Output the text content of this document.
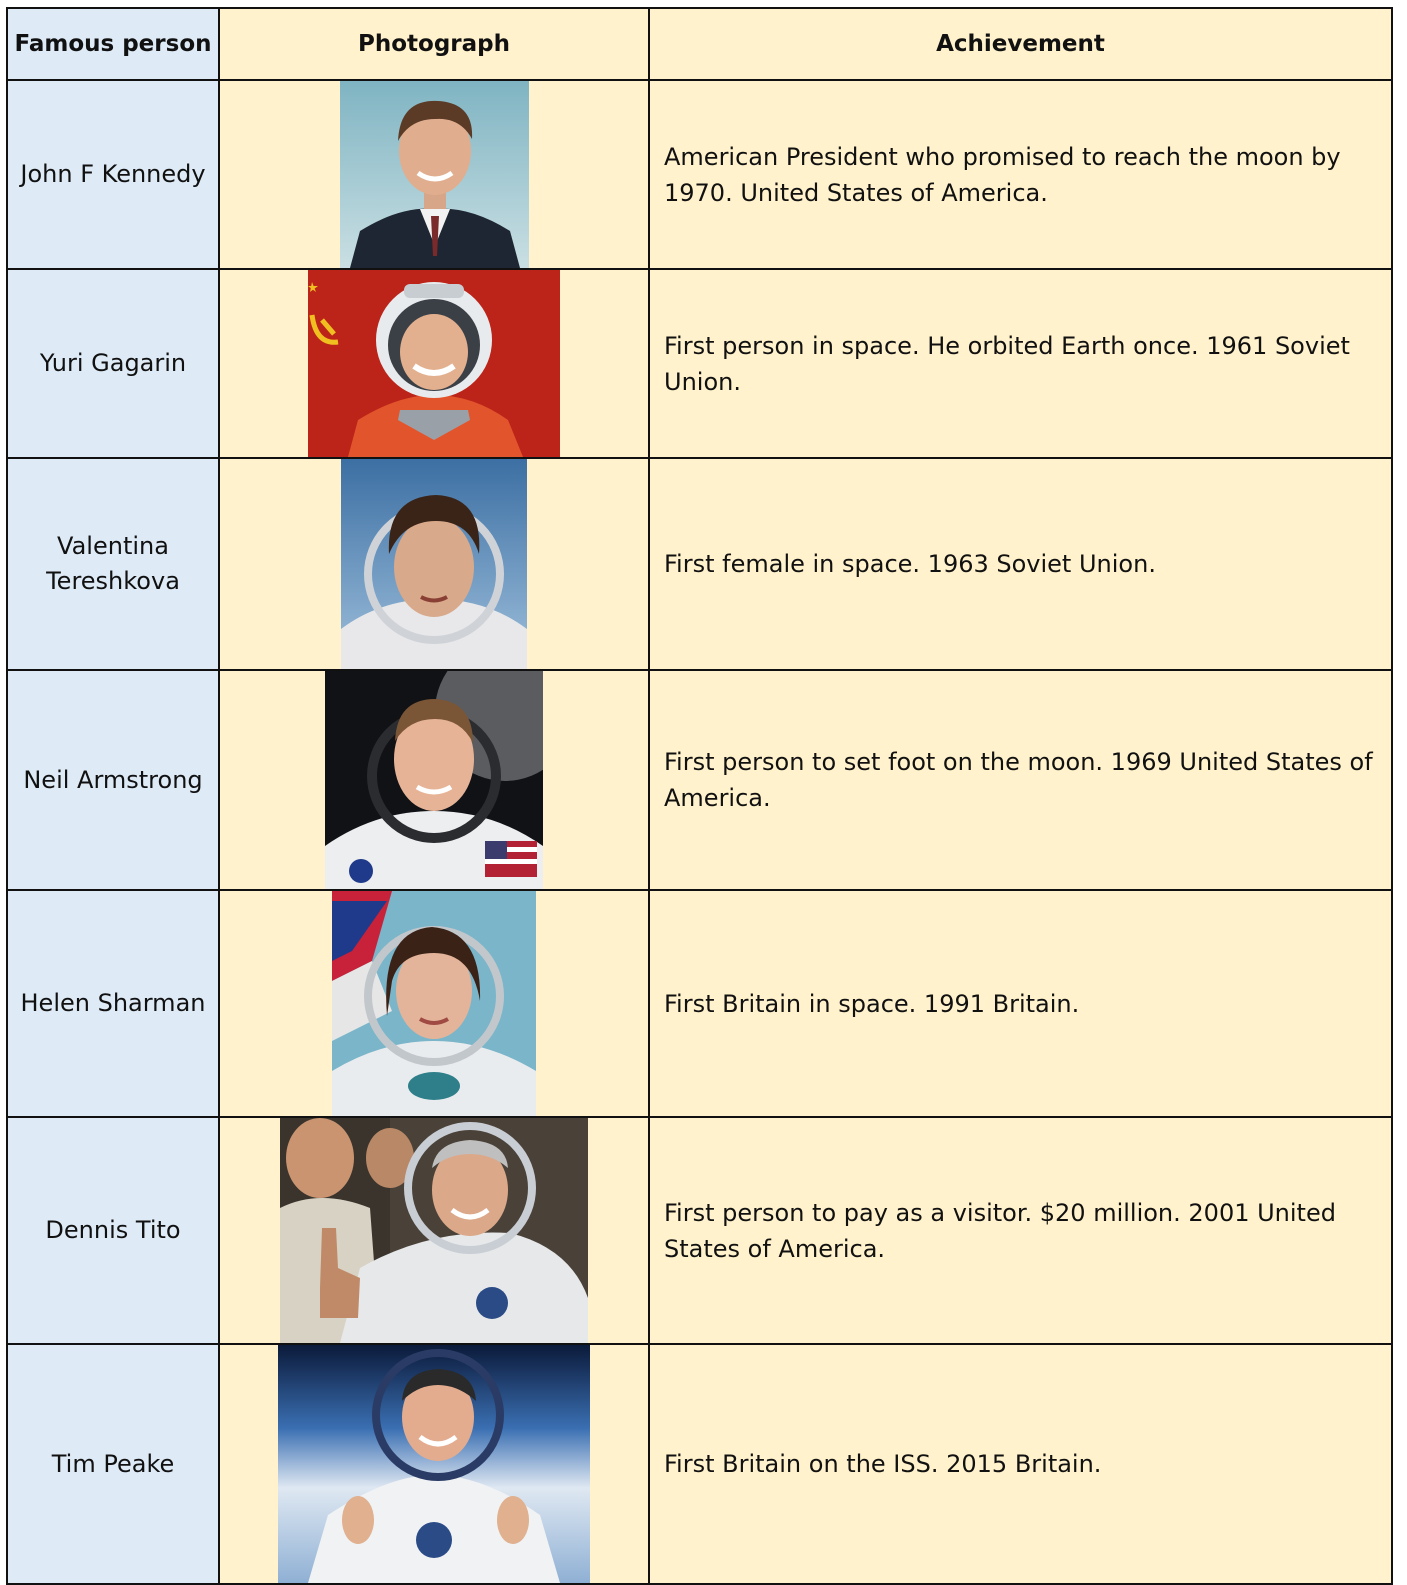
Famous person	Photograph	Achievement
John F Kennedy		American President who promised to reach the moon by 1970. United States of America.
Yuri Gagarin		First person in space. He orbited Earth once. 1961 Soviet Union.
Valentina Tereshkova		First female in space. 1963 Soviet Union.
Neil Armstrong		First person to set foot on the moon. 1969 United States of America.
Helen Sharman		First Britain in space. 1991 Britain.
Dennis Tito		First person to pay as a visitor. $20 million. 2001 United States of America.
Tim Peake		First Britain on the ISS. 2015 Britain.
